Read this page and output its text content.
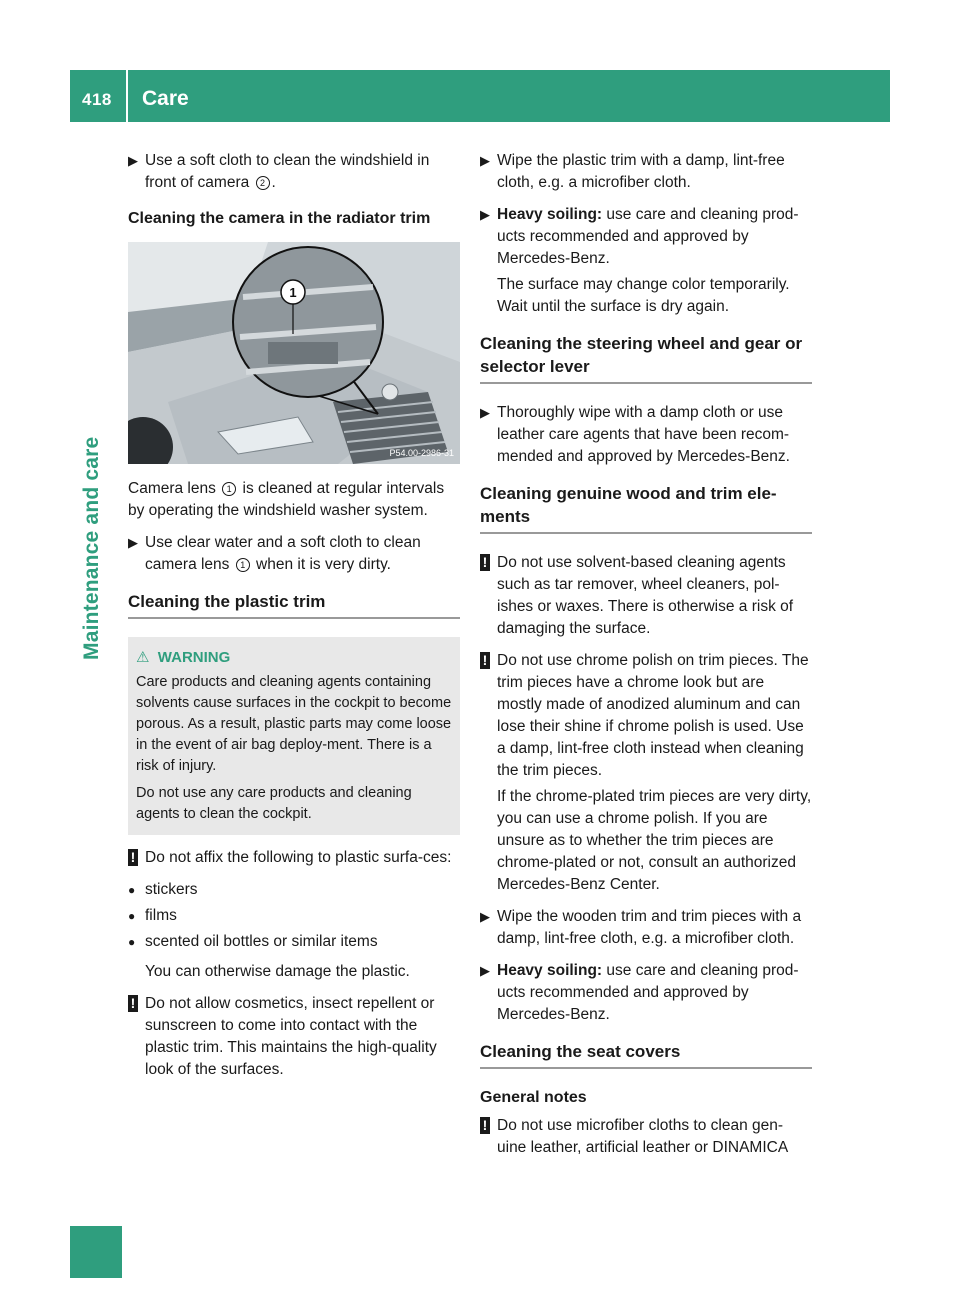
418 Care
Maintenance and care
▶ Use a soft cloth to clean the windshield in front of camera 2 .
Cleaning the camera in the radiator trim
1
P54.00-2986-31

Camera lens 1 is cleaned at regular intervals by operating the windshield washer system.

▶ Use clear water and a soft cloth to clean camera lens 1 when it is very dirty.
Cleaning the plastic trim
⚠ WARNING

Care products and cleaning agents containing solvents cause surfaces in the cockpit to become porous. As a result, plastic parts may come loose in the event of air bag deploy-ment. There is a risk of injury.

Do not use any care products and cleaning agents to clean the cockpit.

! Do not affix the following to plastic surfa-ces:
● stickers
● films
● scented oil bottles or similar items

You can otherwise damage the plastic.

! Do not allow cosmetics, insect repellent or sunscreen to come into contact with the plastic trim. This maintains the high-quality look of the surfaces.
▶ Wipe the plastic trim with a damp, lint-free cloth, e.g. a microfiber cloth.
▶ Heavy soiling: use care and cleaning prod-ucts recommended and approved by Mercedes-Benz.

The surface may change color temporarily. Wait until the surface is dry again.

Cleaning the steering wheel and gear or selector lever
▶ Thoroughly wipe with a damp cloth or use leather care agents that have been recom-mended and approved by Mercedes-Benz.
Cleaning genuine wood and trim ele-ments
! Do not use solvent-based cleaning agents such as tar remover, wheel cleaners, pol-ishes or waxes. There is otherwise a risk of damaging the surface.
! Do not use chrome polish on trim pieces. The trim pieces have a chrome look but are mostly made of anodized aluminum and can lose their shine if chrome polish is used. Use a damp, lint-free cloth instead when cleaning the trim pieces.

If the chrome-plated trim pieces are very dirty, you can use a chrome polish. If you are unsure as to whether the trim pieces are chrome-plated or not, consult an authorized Mercedes-Benz Center.

▶ Wipe the wooden trim and trim pieces with a damp, lint-free cloth, e.g. a microfiber cloth.
▶ Heavy soiling: use care and cleaning prod-ucts recommended and approved by Mercedes-Benz.
Cleaning the seat covers
General notes
! Do not use microfiber cloths to clean gen-uine leather, artificial leather or DINAMICA
